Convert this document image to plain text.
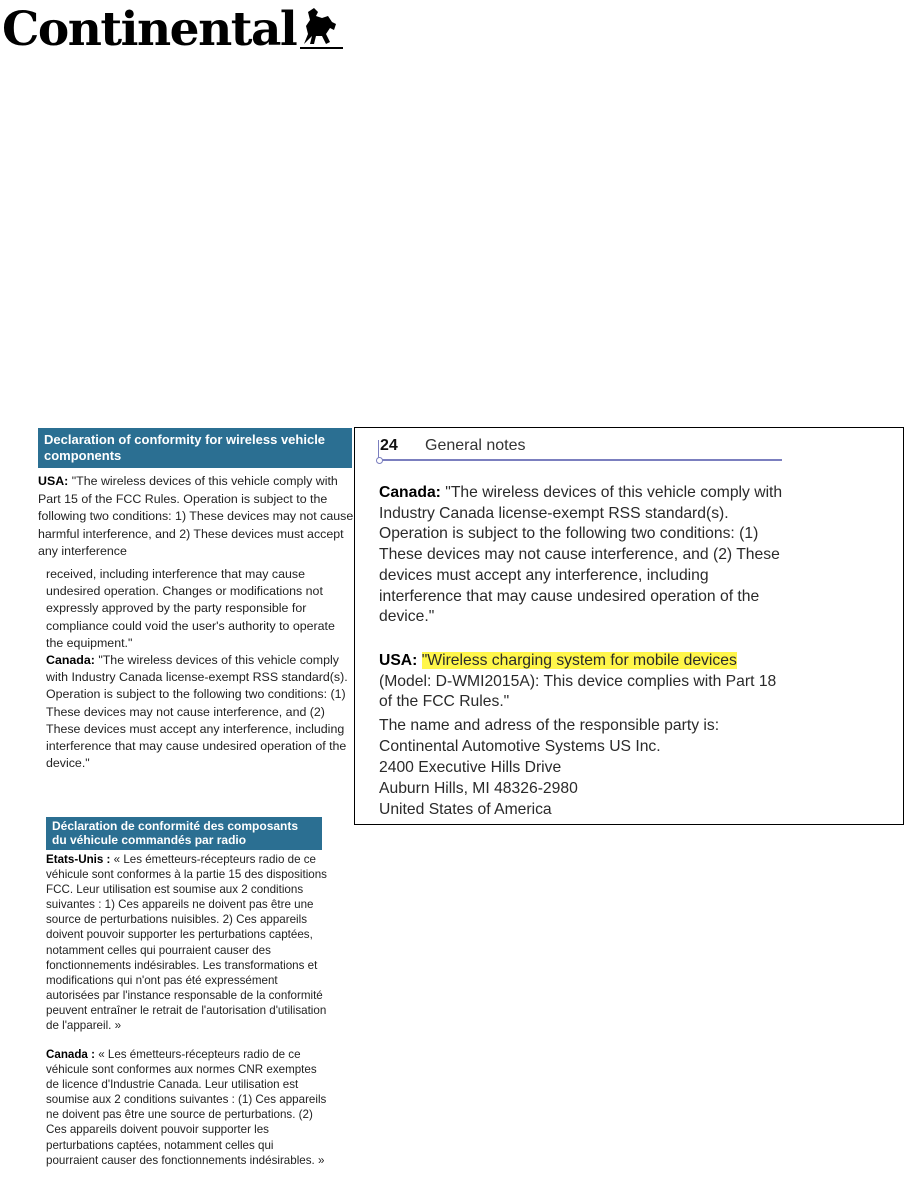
Continental
Declaration of conformity for wireless vehicle components
USA: "The wireless devices of this vehicle comply with Part 15 of the FCC Rules. Operation is subject to the following two conditions: 1) These devices may not cause harmful interference, and 2) These devices must accept any interference
received, including interference that may cause undesired operation. Changes or modifications not expressly approved by the party responsible for compliance could void the user's authority to operate the equipment."
Canada: "The wireless devices of this vehicle comply with Industry Canada license-exempt RSS standard(s). Operation is subject to the following two conditions: (1) These devices may not cause interference, and (2) These devices must accept any interference, including interference that may cause undesired operation of the device."
24 General notes
Canada: "The wireless devices of this vehicle comply with Industry Canada license-exempt RSS standard(s). Operation is subject to the following two conditions: (1) These devices may not cause interference, and (2) These devices must accept any interference, including interference that may cause undesired operation of the device."
USA: "Wireless charging system for mobile devices (Model: D-WMI2015A): This device complies with Part 18 of the FCC Rules."
The name and adress of the responsible party is:
Continental Automotive Systems US Inc.
2400 Executive Hills Drive
Auburn Hills, MI 48326-2980
United States of America
Déclaration de conformité des composants du véhicule commandés par radio
Etats-Unis : « Les émetteurs-récepteurs radio de ce véhicule sont conformes à la partie 15 des dispositions FCC. Leur utilisation est soumise aux 2 conditions suivantes : 1) Ces appareils ne doivent pas être une source de perturbations nuisibles. 2) Ces appareils doivent pouvoir supporter les perturbations captées, notamment celles qui pourraient causer des fonctionnements indésirables. Les transformations et modifications qui n'ont pas été expressément autorisées par l'instance responsable de la conformité peuvent entraîner le retrait de l'autorisation d'utilisation de l'appareil. »
Canada : « Les émetteurs-récepteurs radio de ce véhicule sont conformes aux normes CNR exemptes de licence d'Industrie Canada. Leur utilisation est soumise aux 2 conditions suivantes : (1) Ces appareils ne doivent pas être une source de perturbations. (2) Ces appareils doivent pouvoir supporter les perturbations captées, notamment celles qui pourraient causer des fonctionnements indésirables. »
